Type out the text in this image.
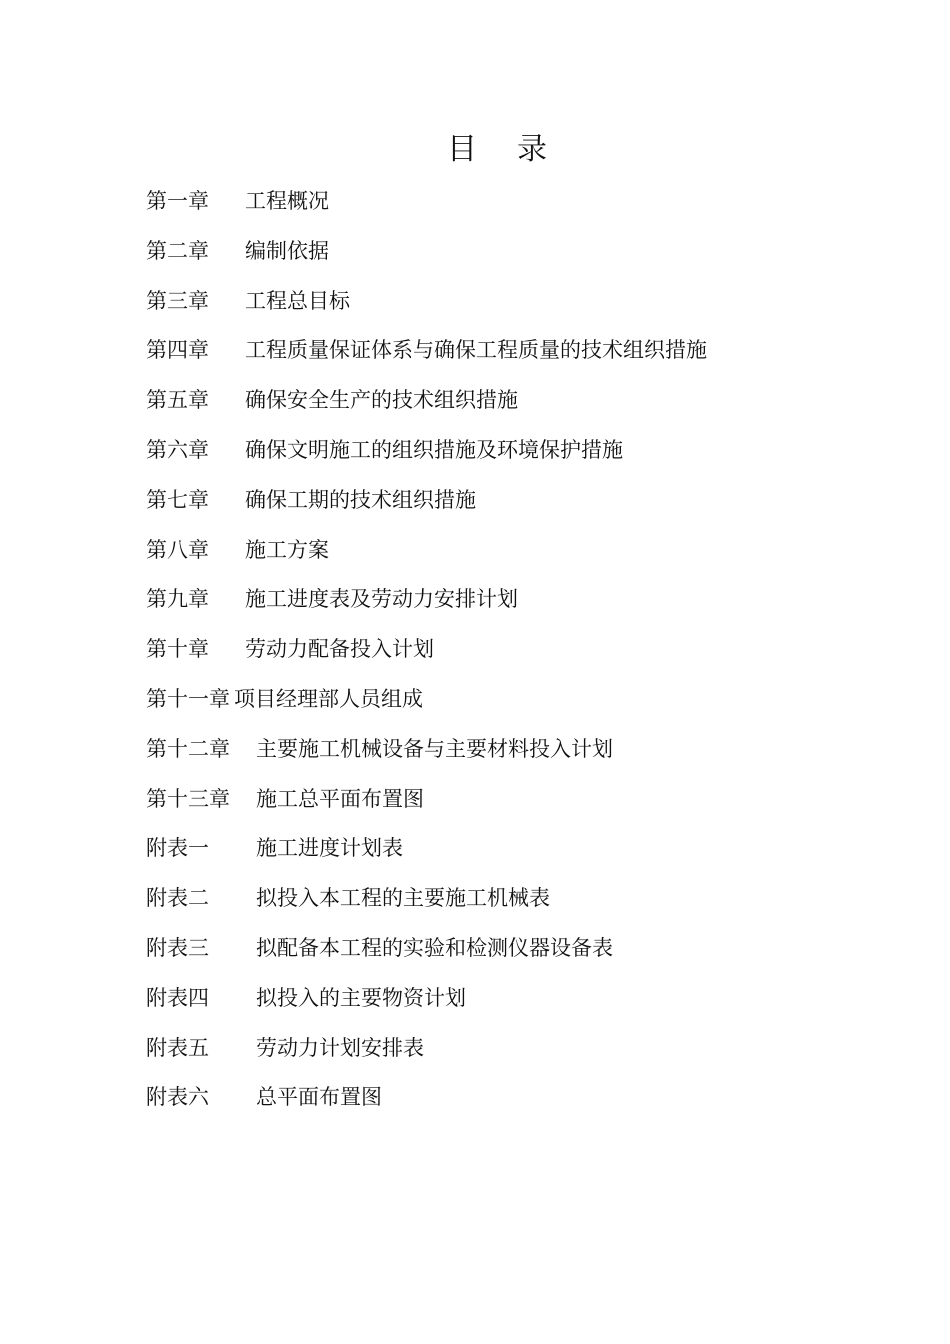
目 录
第一章 工程概况
第二章 编制依据
第三章 工程总目标
第四章 工程质量保证体系与确保工程质量的技术组织措施
第五章 确保安全生产的技术组织措施
第六章 确保文明施工的组织措施及环境保护措施
第七章 确保工期的技术组织措施
第八章 施工方案
第九章 施工进度表及劳动力安排计划
第十章 劳动力配备投入计划
第十一章 项目经理部人员组成
第十二章 主要施工机械设备与主要材料投入计划
第十三章 施工总平面布置图
附表一 施工进度计划表
附表二 拟投入本工程的主要施工机械表
附表三 拟配备本工程的实验和检测仪器设备表
附表四 拟投入的主要物资计划
附表五 劳动力计划安排表
附表六 总平面布置图
